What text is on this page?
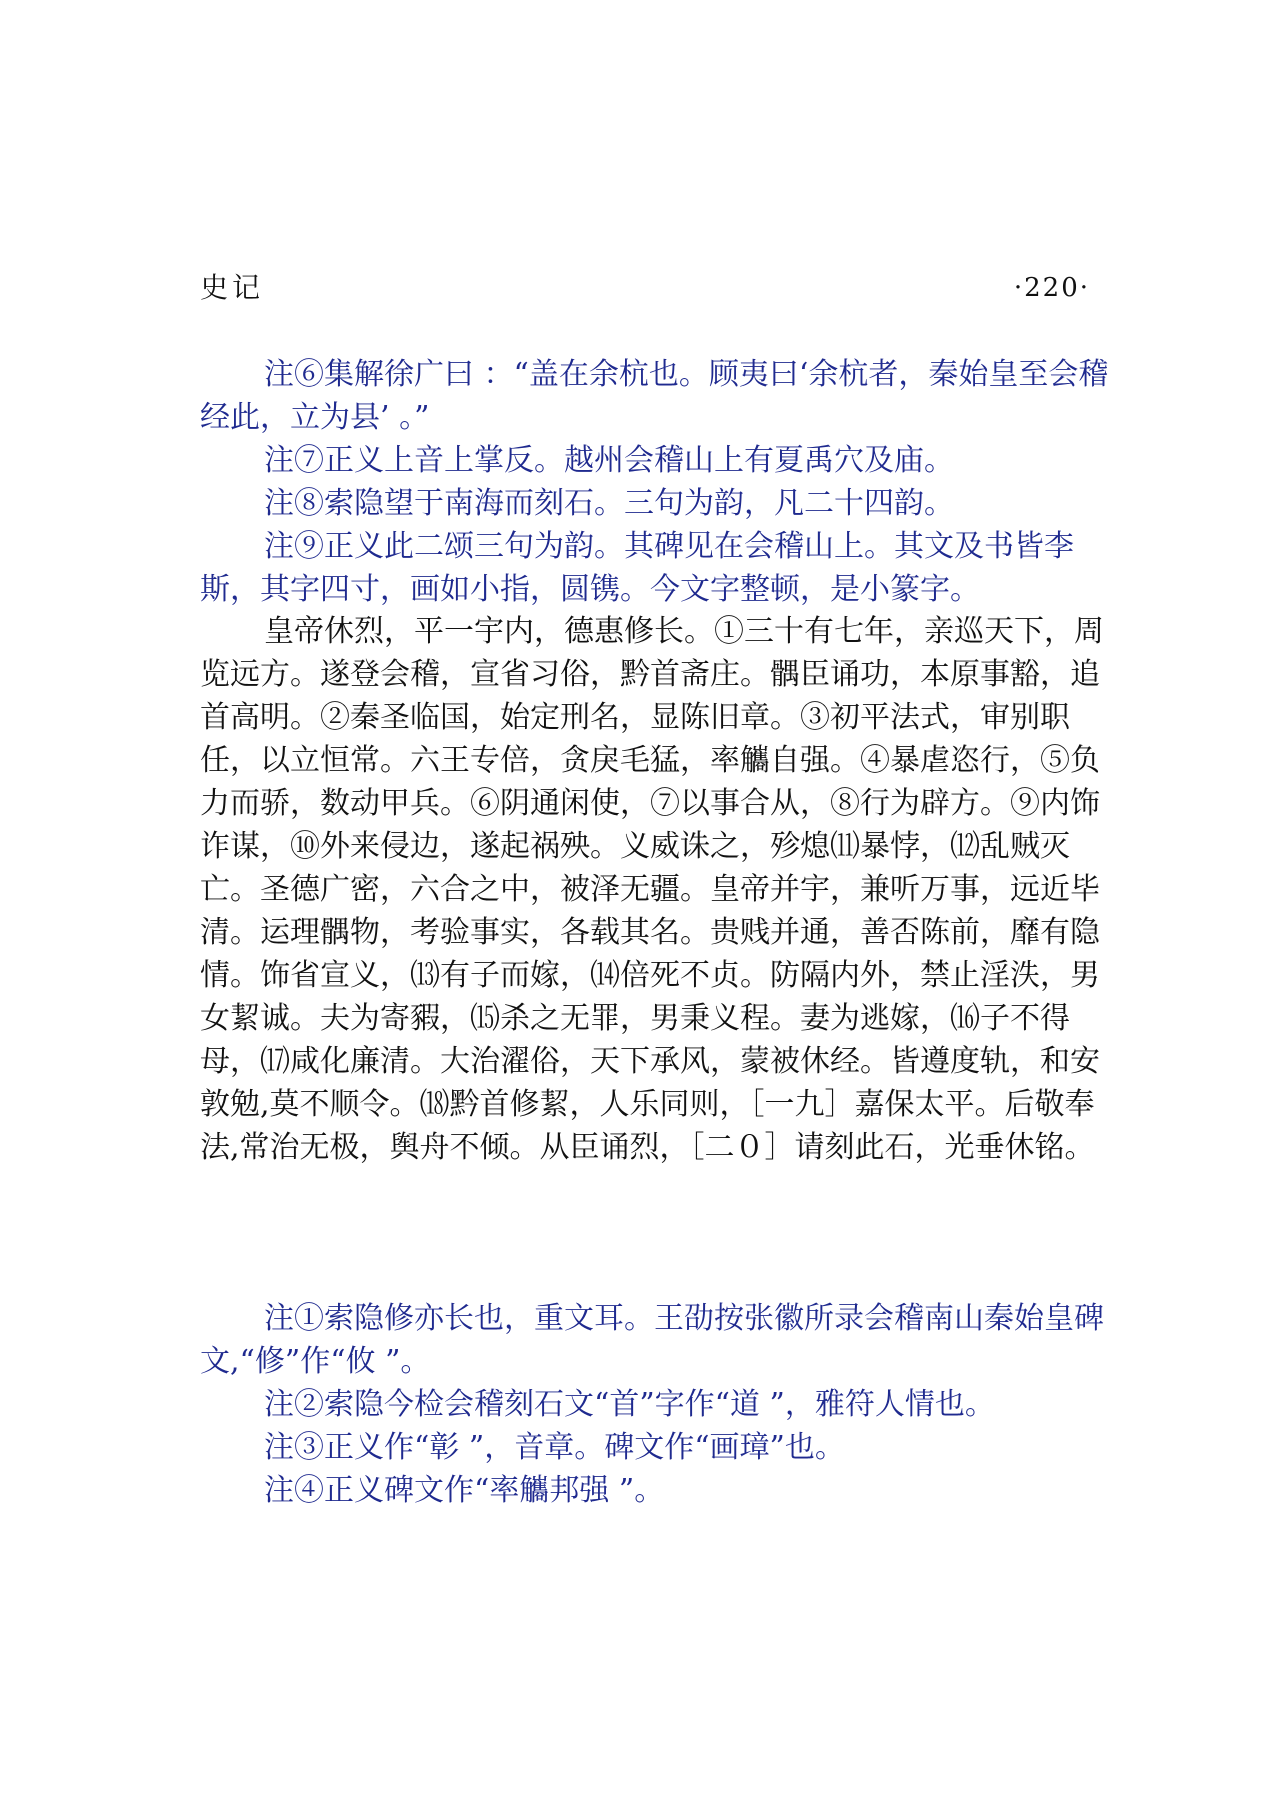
史记	·220·

注⑥集解徐广曰 ：“盖在余杭也。顾夷曰‘余杭者，秦始皇至会稽经此，立为县’ 。”

注⑦正义上音上掌反。越州会稽山上有夏禹穴及庙。

注⑧索隐望于南海而刻石。三句为韵，凡二十四韵。

注⑨正义此二颂三句为韵。其碑见在会稽山上。其文及书皆李斯，其字四寸，画如小指，圆镌。今文字整顿，是小篆字。

皇帝休烈，平一宇内，德惠修长。①三十有七年，亲巡天下，周览远方。遂登会稽，宣省习俗，黔首斋庄。髃臣诵功，本原事豁，追首高明。②秦圣临国，始定刑名，显陈旧章。③初平法式，审别职任，以立恒常。六王专倍，贪戾毛猛，率觿自强。④暴虐恣行，⑤负力而骄，数动甲兵。⑥阴通闲使，⑦以事合从，⑧行为辟方。⑨内饰诈谋，⑩外来侵边，遂起祸殃。义威诛之，殄熄⑾暴悖，⑿乱贼灭亡。圣德广密，六合之中，被泽无疆。皇帝并宇，兼听万事，远近毕清。运理髃物，考验事实，各载其名。贵贱并通，善否陈前，靡有隐情。饰省宣义，⒀有子而嫁，⒁倍死不贞。防隔内外，禁止淫泆，男女絜诚。夫为寄豭，⒂杀之无罪，男秉义程。妻为逃嫁，⒃子不得母，⒄咸化廉清。大治濯俗，天下承风，蒙被休经。皆遵度轨，和安敦勉,莫不顺令。⒅黔首修絜，人乐同则，［一九］嘉保太平。后敬奉法,常治无极，舆舟不倾。从臣诵烈，［二０］请刻此石，光垂休铭。

注①索隐修亦长也，重文耳。王劭按张徽所录会稽南山秦始皇碑文,“修”作“攸 ”。

注②索隐今检会稽刻石文“首”字作“道 ”，雅符人情也。

注③正义作“彰 ”，音章。碑文作“画璋”也。

注④正义碑文作“率觿邦强 ”。
